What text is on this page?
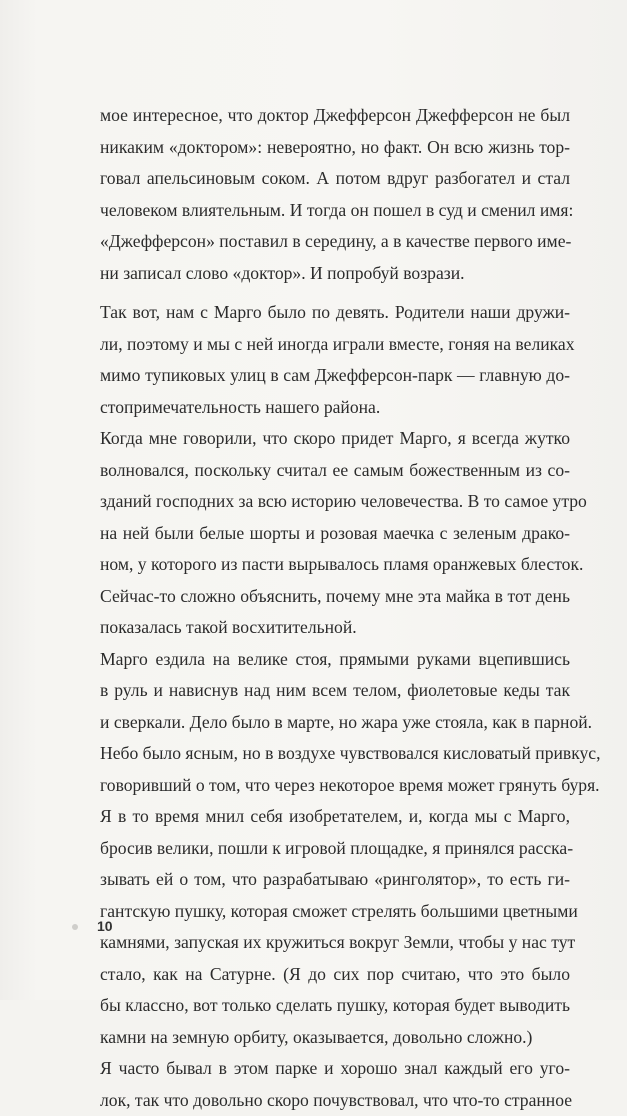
мое интересное, что доктор Джефферсон Джефферсон не был
никаким «доктором»: невероятно, но факт. Он всю жизнь тор-
говал апельсиновым соком. А потом вдруг разбогател и стал
человеком влиятельным. И тогда он пошел в суд и сменил имя:
«Джефферсон» поставил в середину, а в качестве первого име-
ни записал слово «доктор». И попробуй возрази.
Так вот, нам с Марго было по девять. Родители наши дружи-
ли, поэтому и мы с ней иногда играли вместе, гоняя на великах
мимо тупиковых улиц в сам Джефферсон-парк — главную до-
стопримечательность нашего района.
Когда мне говорили, что скоро придет Марго, я всегда жутко
волновался, поскольку считал ее самым божественным из со-
зданий господних за всю историю человечества. В то самое утро
на ней были белые шорты и розовая маечка с зеленым драко-
ном, у которого из пасти вырывалось пламя оранжевых блесток.
Сейчас-то сложно объяснить, почему мне эта майка в тот день
показалась такой восхитительной.
Марго ездила на велике стоя, прямыми руками вцепившись
в руль и нависнув над ним всем телом, фиолетовые кеды так
и сверкали. Дело было в марте, но жара уже стояла, как в парной.
Небо было ясным, но в воздухе чувствовался кисловатый привкус,
говоривший о том, что через некоторое время может грянуть буря.
Я в то время мнил себя изобретателем, и, когда мы с Марго,
бросив велики, пошли к игровой площадке, я принялся расска-
зывать ей о том, что разрабатываю «ринголятор», то есть ги-
гантскую пушку, которая сможет стрелять большими цветными
камнями, запуская их кружиться вокруг Земли, чтобы у нас тут
стало, как на Сатурне. (Я до сих пор считаю, что это было
бы классно, вот только сделать пушку, которая будет выводить
камни на земную орбиту, оказывается, довольно сложно.)
Я часто бывал в этом парке и хорошо знал каждый его уго-
лок, так что довольно скоро почувствовал, что что-то странное
10
